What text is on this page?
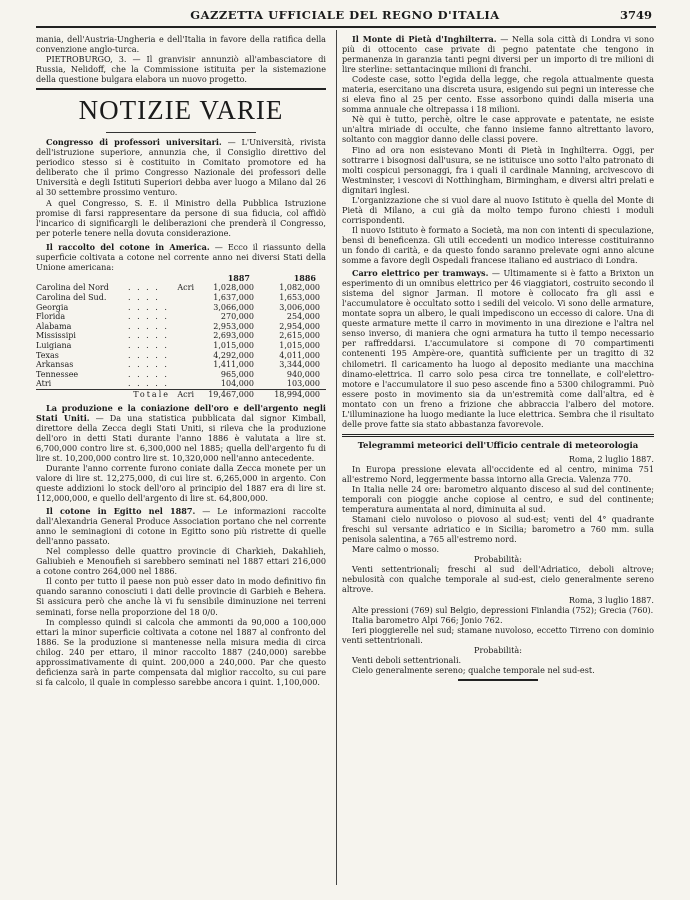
GAZZETTA UFFICIALE DEL REGNO D'ITALIA	3749

mania, dell'Austria-Ungheria e dell'Italia in favore della ratifica della convenzione anglo-turca.

PIETROBURGO, 3. — Il granvisir annunziò all'ambasciatore di Russia, Nelidoff, che la Commissione istituita per la sistemazione della questione bulgara elabora un nuovo progetto.

NOTIZIE VARIE

Congresso di professori universitari. — L'Università, rivista dell'istruzione superiore, annunzia che, il Consiglio direttivo del periodico stesso si è costituito in Comitato promotore ed ha deliberato che il primo Congresso Nazionale dei professori delle Università e degli Istituti Superiori debba aver luogo a Milano dal 26 al 30 settembre prossimo venturo.

A quel Congresso, S. E. il Ministro della Pubblica Istruzione promise di farsi rappresentare da persone di sua fiducia, col affidò l'incarico di significargli le deliberazioni che prenderà il Congresso, per poterle tenere nella dovuta considerazione.

Il raccolto del cotone in America. — Ecco il riassunto della superficie coltivata a cotone nel corrente anno nei diversi Stati della Unione americana:

			1887	1886
Carolina del Nord	. . . .	Acri	1,028,000	1,082,000
Carolina del Sud.	. . . .		1,637,000	1,653,000
Georgia	. . . . .		3,066,000	3,006,000
Florida	. . . . .		270,000	254,000
Alabama	. . . . .		2,953,000	2,954,000
Mississipi	. . . . .		2,693,000	2,615,000
Luigiana	. . . . .		1,015,000	1,015,000
Texas	. . . . .		4,292,000	4,011,000
Arkansas	. . . . .		1,411,000	3,344,000
Tennessee	. . . . .		965,000	940,000
Atri	. . . . .		104,000	103,000
	Totale	Acri	19,467,000	18,994,000

La produzione e la coniazione dell'oro e dell'argento negli Stati Uniti. — Da una statistica pubblicata dal signor Kimball, direttore della Zecca degli Stati Uniti, si rileva che la produzione dell'oro in detti Stati durante l'anno 1886 è valutata a lire st. 6,700,000 contro lire st. 6,300,000 nel 1885; quella dell'argento fu di lire st. 10,200,000 contro lire st. 10,320,000 nell'anno antecedente.

Durante l'anno corrente furono coniate dalla Zecca monete per un valore di lire st. 12,275,000, di cui lire st. 6,265,000 in argento. Con queste addizioni lo stock dell'oro al principio del 1887 era di lire st. 112,000,000, e quello dell'argento di lire st. 64,800,000.

Il cotone in Egitto nel 1887. — Le informazioni raccolte dall'Alexandria General Produce Association portano che nel corrente anno le seminagioni di cotone in Egitto sono più ristrette di quelle dell'anno passato.

Nel complesso delle quattro provincie di Charkieh, Dakahlieh, Galiubieh e Menoufieh si sarebbero seminati nel 1887 ettari 216,000 a cotone contro 264,000 nel 1886.

Il conto per tutto il paese non può esser dato in modo definitivo fin quando saranno conosciuti i dati delle provincie di Garbieh e Behera. Si assicura però che anche là vi fu sensibile diminuzione nei terreni seminati, forse nella proporzione del 18 0/0.

In complesso quindi si calcola che ammonti da 90,000 a 100,000 ettari la minor superficie coltivata a cotone nel 1887 al confronto del 1886. Se la produzione si mantenesse nella misura media di circa chilog. 240 per ettaro, il minor raccolto 1887 (240,000) sarebbe approssimativamente di quint. 200,000 a 240,000. Par che questo deficienza sarà in parte compensata dal miglior raccolto, su cui pare si fa calcolo, il quale in complesso sarebbe ancora i quint. 1,100,000.

Il Monte di Pietà d'Inghilterra. — Nella sola città di Londra vi sono più di ottocento case private di pegno patentate che tengono in permanenza in garanzia tanti pegni diversi per un importo di tre milioni di lire sterline: settantacinque milioni di franchi.

Codeste case, sotto l'egida della legge, che regola attualmente questa materia, esercitano una discreta usura, esigendo sui pegni un interesse che si eleva fino al 25 per cento. Esse assorbono quindi dalla miseria una somma annuale che oltrepassa i 18 milioni.

Nè qui è tutto, perchè, oltre le case approvate e patentate, ne esiste un'altra miriade di occulte, che fanno insieme fanno altrettanto lavoro, soltanto con maggior danno delle classi povere.

Fino ad ora non esistevano Monti di Pietà in Inghilterra. Oggi, per sottrarre i bisognosi dall'usura, se ne istituisce uno sotto l'alto patronato di molti cospicui personaggi, fra i quali il cardinale Manning, arcivescovo di Westminster, i vescovi di Notthingham, Birmingham, e diversi altri prelati e dignitari inglesi.

L'organizzazione che si vuol dare al nuovo Istituto è quella del Monte di Pietà di Milano, a cui già da molto tempo furono chiesti i moduli corrispondenti.

Il nuovo Istituto è formato a Società, ma non con intenti di speculazione, bensì di beneficenza. Gli utili eccedenti un modico interesse costituiranno un fondo di carità, e da questo fondo saranno prelevate ogni anno alcune somme a favore degli Ospedali francese italiano ed austriaco di Londra.

Carro elettrico per tramways. — Ultimamente si è fatto a Brixton un esperimento di un omnibus elettrico per 46 viaggiatori, costruito secondo il sistema del signor Jarman. Il motore è collocato fra gli assi e l'accumulatore è occultato sotto i sedili del veicolo. Vi sono delle armature, montate sopra un albero, le quali impediscono un eccesso di calore. Una di queste armature mette il carro in movimento in una direzione e l'altra nel senso inverso, di maniera che ogni armatura ha tutto il tempo necessario per raffreddarsi. L'accumulatore si compone di 70 compartimenti contenenti 195 Ampère-ore, quantità sufficiente per un tragitto di 32 chilometri. Il caricamento ha luogo al deposito mediante una macchina dinamo-elettrica. Il carro solo pesa circa tre tonnellate, e coll'elettro-motore e l'accumulatore il suo peso ascende fino a 5300 chilogrammi. Può essere posto in movimento sia da un'estremità come dall'altra, ed è montato con un freno a frizione che abbraccia l'albero del motore. L'illuminazione ha luogo mediante la luce elettrica. Sembra che il risultato delle prove fatte sia stato abbastanza favorevole.

Telegrammi meteorici dell'Ufficio centrale di meteorologia

Roma, 2 luglio 1887.

In Europa pressione elevata all'occidente ed al centro, minima 751 all'estremo Nord, leggermente bassa intorno alla Grecia. Valenza 770.

In Italia nelle 24 ore: barometro alquanto disceso al sud del continente; temporali con pioggie anche copiose al centro, e sud del continente; temperatura aumentata al nord, diminuita al sud.

Stamani cielo nuvoloso o piovoso al sud-est; venti del 4° quadrante freschi sul versante adriatico e in Sicilia; barometro a 760 mm. sulla penisola salentina, a 765 all'estremo nord.

Mare calmo o mosso.

Probabilità:

Venti settentrionali; freschi al sud dell'Adriatico, deboli altrove; nebulosità con qualche temporale al sud-est, cielo generalmente sereno altrove.

Roma, 3 luglio 1887.

Alte pressioni (769) sul Belgio, depressioni Finlandia (752); Grecia (760).

Italia barometro Alpi 766; Jonio 762.

Ieri pioggierelle nel sud; stamane nuvoloso, eccetto Tirreno con dominio venti settentrionali.

Probabilità:

Venti deboli settentrionali.

Cielo generalmente sereno; qualche temporale nel sud-est.
